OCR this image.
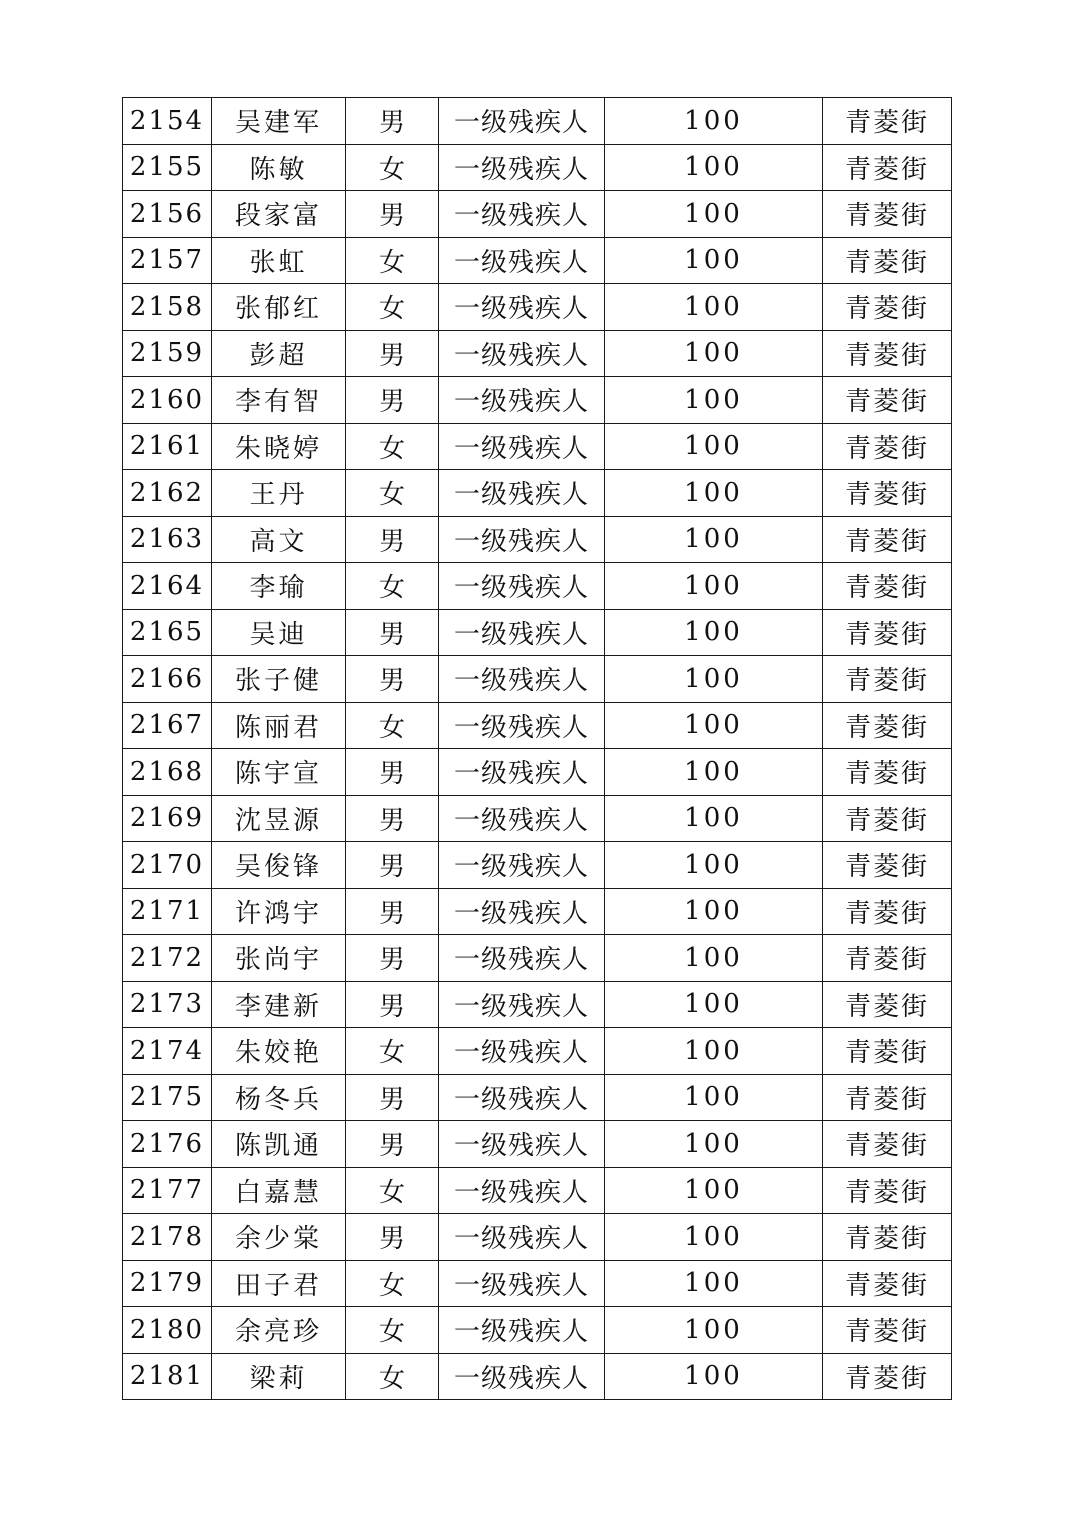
2154	吴建军	男	一级残疾人	100	青菱街
2155	陈敏	女	一级残疾人	100	青菱街
2156	段家富	男	一级残疾人	100	青菱街
2157	张虹	女	一级残疾人	100	青菱街
2158	张郁红	女	一级残疾人	100	青菱街
2159	彭超	男	一级残疾人	100	青菱街
2160	李有智	男	一级残疾人	100	青菱街
2161	朱晓婷	女	一级残疾人	100	青菱街
2162	王丹	女	一级残疾人	100	青菱街
2163	高文	男	一级残疾人	100	青菱街
2164	李瑜	女	一级残疾人	100	青菱街
2165	吴迪	男	一级残疾人	100	青菱街
2166	张子健	男	一级残疾人	100	青菱街
2167	陈丽君	女	一级残疾人	100	青菱街
2168	陈宇宣	男	一级残疾人	100	青菱街
2169	沈昱源	男	一级残疾人	100	青菱街
2170	吴俊锋	男	一级残疾人	100	青菱街
2171	许鸿宇	男	一级残疾人	100	青菱街
2172	张尚宇	男	一级残疾人	100	青菱街
2173	李建新	男	一级残疾人	100	青菱街
2174	朱姣艳	女	一级残疾人	100	青菱街
2175	杨冬兵	男	一级残疾人	100	青菱街
2176	陈凯通	男	一级残疾人	100	青菱街
2177	白嘉慧	女	一级残疾人	100	青菱街
2178	余少棠	男	一级残疾人	100	青菱街
2179	田子君	女	一级残疾人	100	青菱街
2180	余亮珍	女	一级残疾人	100	青菱街
2181	梁莉	女	一级残疾人	100	青菱街
